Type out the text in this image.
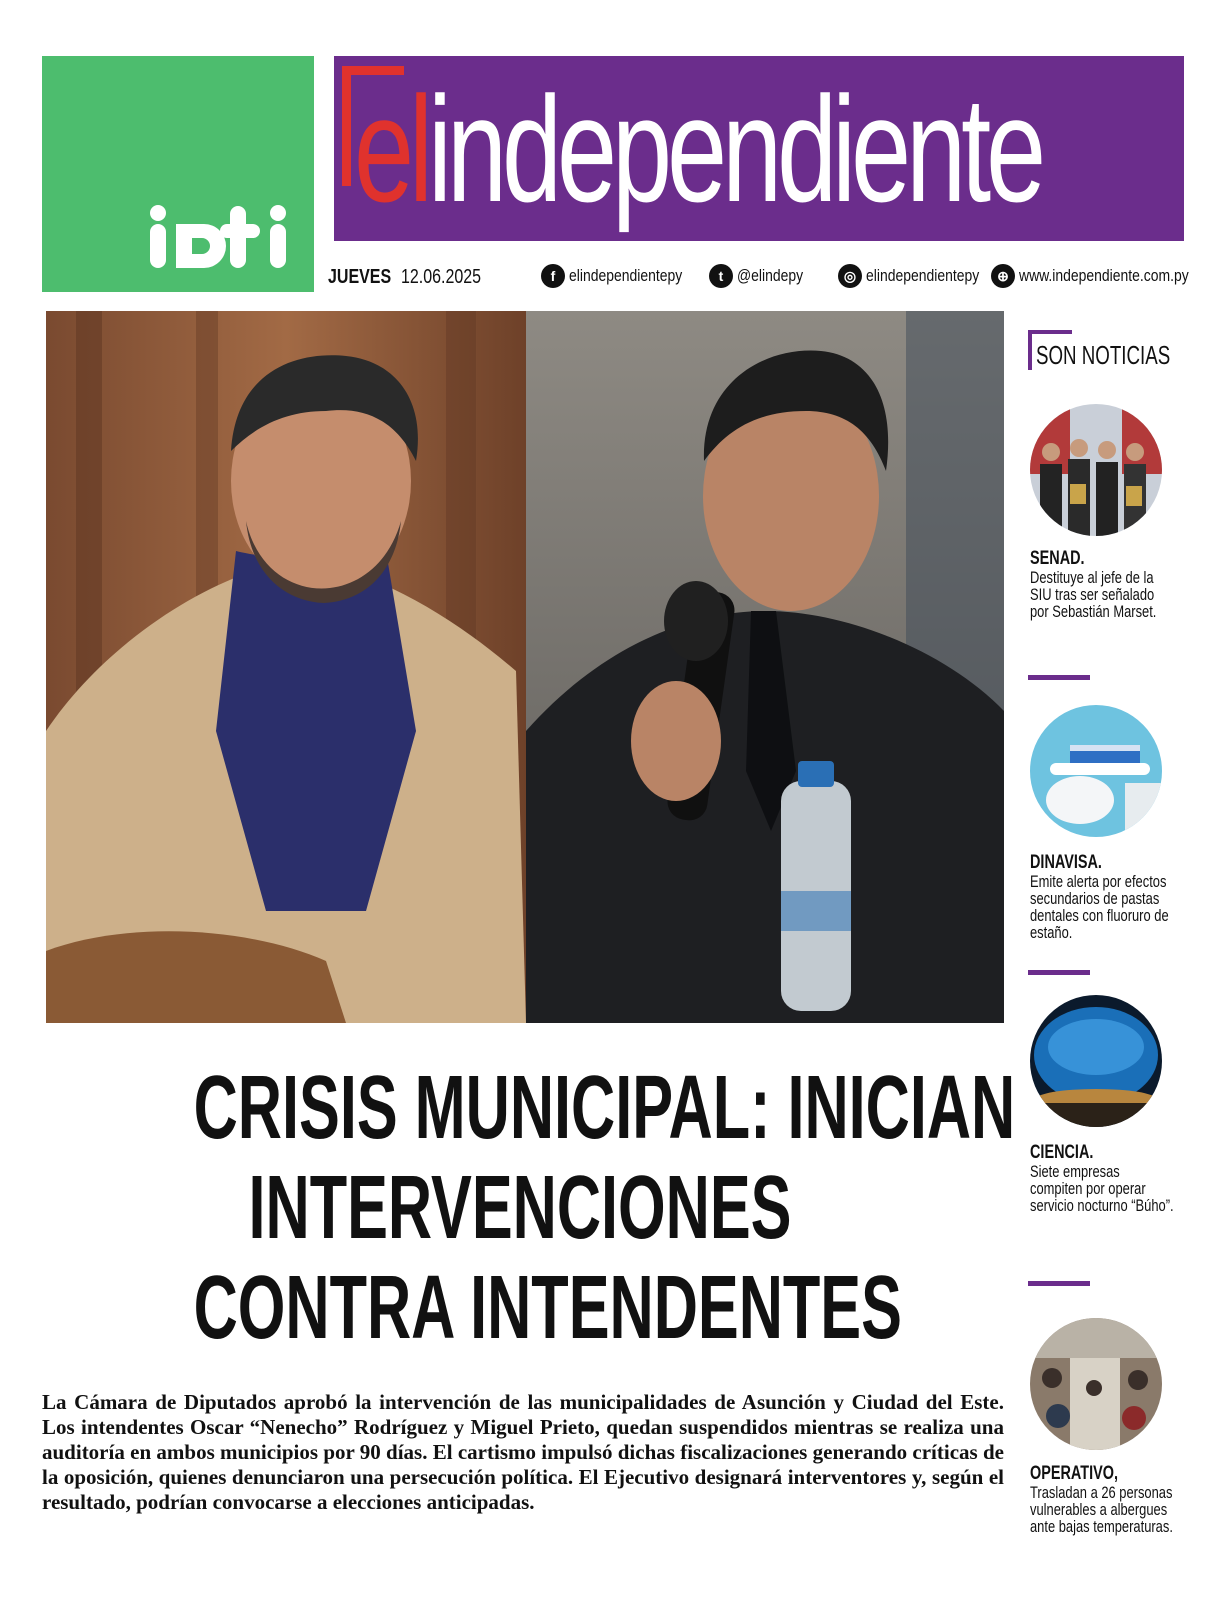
elindependiente
JUEVES 12.06.2025	f elindependientepy	t @elindepy	◎ elindependientepy	⊕ www.independiente.com.py
CRISIS MUNICIPAL: INICIAN
INTERVENCIONES
CONTRA INTENDENTES

La Cámara de Diputados aprobó la intervención de las municipalidades de Asunción y Ciudad del Este. Los intendentes Oscar “Nenecho” Rodríguez y Miguel Prieto, quedan suspendidos mientras se realiza una auditoría en ambos municipios por 90 días. El cartismo impulsó dichas fiscalizaciones generando críticas de la oposición, quienes denunciaron una persecución política. El Ejecutivo designará interventores y, según el resultado, podrían convocarse a elecciones anticipadas.

SON NOTICIAS
SENAD.
Destituye al jefe de la SIU tras ser señalado por Sebastián Marset.
DINAVISA.
Emite alerta por efectos secundarios de pastas dentales con fluoruro de estaño.
CIENCIA.
Siete empresas compiten por operar servicio nocturno “Búho”.
OPERATIVO,
Trasladan a 26 personas vulnerables a albergues ante bajas temperaturas.
